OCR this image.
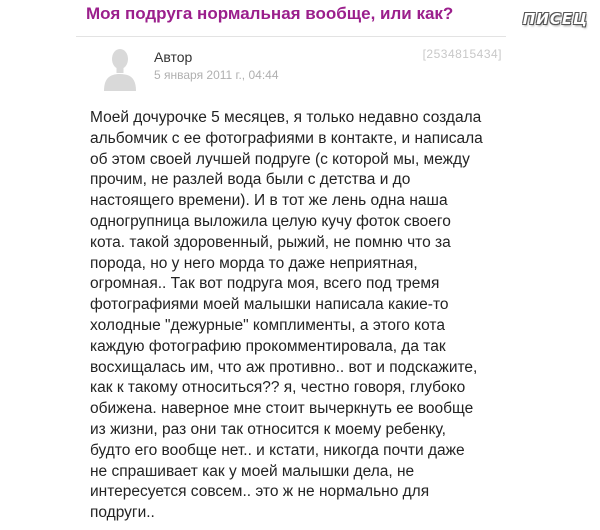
Моя подруга нормальная вообще, или как?	ПИСЕЦ
Автор
5 января 2011 г., 04:44
[2534815434]
Моей дочурочке 5 месяцев, я только недавно создала
альбомчик с ее фотографиями в контакте, и написала
об этом своей лучшей подруге (с которой мы, между
прочим, не разлей вода были с детства и до
настоящего времени). И в тот же лень одна наша
одногрупница выложила целую кучу фоток своего
кота. такой здоровенный, рыжий, не помню что за
порода, но у него морда то даже неприятная,
огромная.. Так вот подруга моя, всего под тремя
фотографиями моей малышки написала какие-то
холодные "дежурные" комплименты, а этого кота
каждую фотографию прокомментировала, да так
восхищалась им, что аж противно.. вот и подскажите,
как к такому относиться?? я, честно говоря, глубоко
обижена. наверное мне стоит вычеркнуть ее вообще
из жизни, раз они так относится к моему ребенку,
будто его вообще нет.. и кстати, никогда почти даже
не спрашивает как у моей малышки дела, не
интересуется совсем.. это ж не нормально для
подруги..
